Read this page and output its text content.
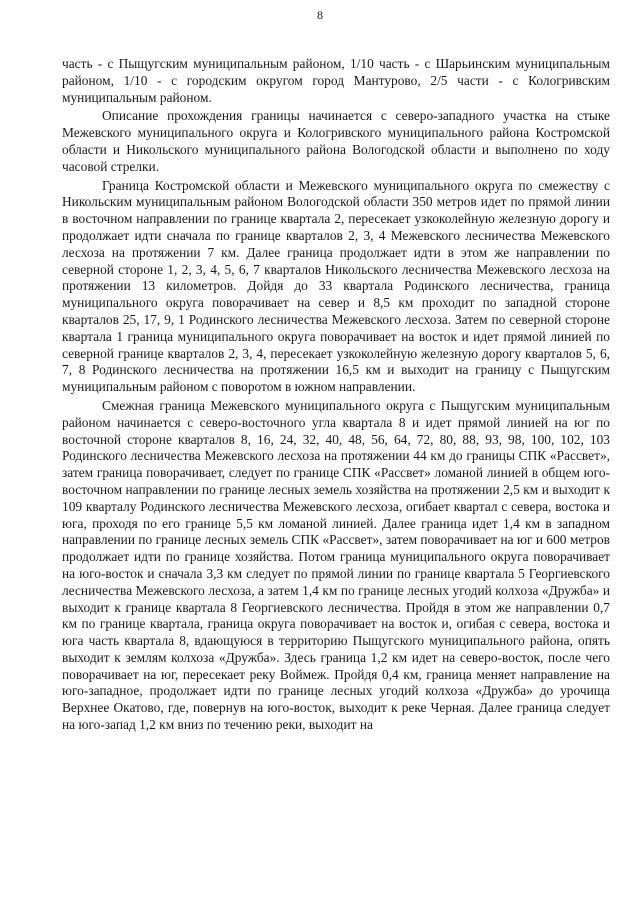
8

часть - с Пыщугским муниципальным районом, 1/10 часть - с Шарьинским муниципальным районом, 1/10 - с городским округом город Мантурово, 2/5 части - с Кологривским муниципальным районом.

Описание прохождения границы начинается с северо-западного участка на стыке Межевского муниципального округа и Кологривского муниципального района Костромской области и Никольского муниципального района Вологодской области и выполнено по ходу часовой стрелки.

Граница Костромской области и Межевского муниципального округа по смежеству с Никольским муниципальным районом Вологодской области 350 метров идет по прямой линии в восточном направлении по границе квартала 2, пересекает узкоколейную железную дорогу и продолжает идти сначала по границе кварталов 2, 3, 4 Межевского лесничества Межевского лесхоза на протяжении 7 км. Далее граница продолжает идти в этом же направлении по северной стороне 1, 2, 3, 4, 5, 6, 7 кварталов Никольского лесничества Межевского лесхоза на протяжении 13 километров. Дойдя до 33 квартала Родинского лесничества, граница муниципального округа поворачивает на север и 8,5 км проходит по западной стороне кварталов 25, 17, 9, 1 Родинского лесничества Межевского лесхоза. Затем по северной стороне квартала 1 граница муниципального округа поворачивает на восток и идет прямой линией по северной границе кварталов 2, 3, 4, пересекает узкоколейную железную дорогу кварталов 5, 6, 7, 8 Родинского лесничества на протяжении 16,5 км и выходит на границу с Пыщугским муниципальным районом с поворотом в южном направлении.

Смежная граница Межевского муниципального округа с Пыщугским муниципальным районом начинается с северо-восточного угла квартала 8 и идет прямой линией на юг по восточной стороне кварталов 8, 16, 24, 32, 40, 48, 56, 64, 72, 80, 88, 93, 98, 100, 102, 103 Родинского лесничества Межевского лесхоза на протяжении 44 км до границы СПК «Рассвет», затем граница поворачивает, следует по границе СПК «Рассвет» ломаной линией в общем юго-восточном направлении по границе лесных земель хозяйства на протяжении 2,5 км и выходит к 109 кварталу Родинского лесничества Межевского лесхоза, огибает квартал с севера, востока и юга, проходя по его границе 5,5 км ломаной линией. Далее граница идет 1,4 км в западном направлении по границе лесных земель СПК «Рассвет», затем поворачивает на юг и 600 метров продолжает идти по границе хозяйства. Потом граница муниципального округа поворачивает на юго-восток и сначала 3,3 км следует по прямой линии по границе квартала 5 Георгиевского лесничества Межевского лесхоза, а затем 1,4 км по границе лесных угодий колхоза «Дружба» и выходит к границе квартала 8 Георгиевского лесничества. Пройдя в этом же направлении 0,7 км по границе квартала, граница округа поворачивает на восток и, огибая с севера, востока и юга часть квартала 8, вдающуюся в территорию Пыщугского муниципального района, опять выходит к землям колхоза «Дружба». Здесь граница 1,2 км идет на северо-восток, после чего поворачивает на юг, пересекает реку Воймеж. Пройдя 0,4 км, граница меняет направление на юго-западное, продолжает идти по границе лесных угодий колхоза «Дружба» до урочища Верхнее Окатово, где, повернув на юго-восток, выходит к реке Черная. Далее граница следует на юго-запад 1,2 км вниз по течению реки, выходит на
